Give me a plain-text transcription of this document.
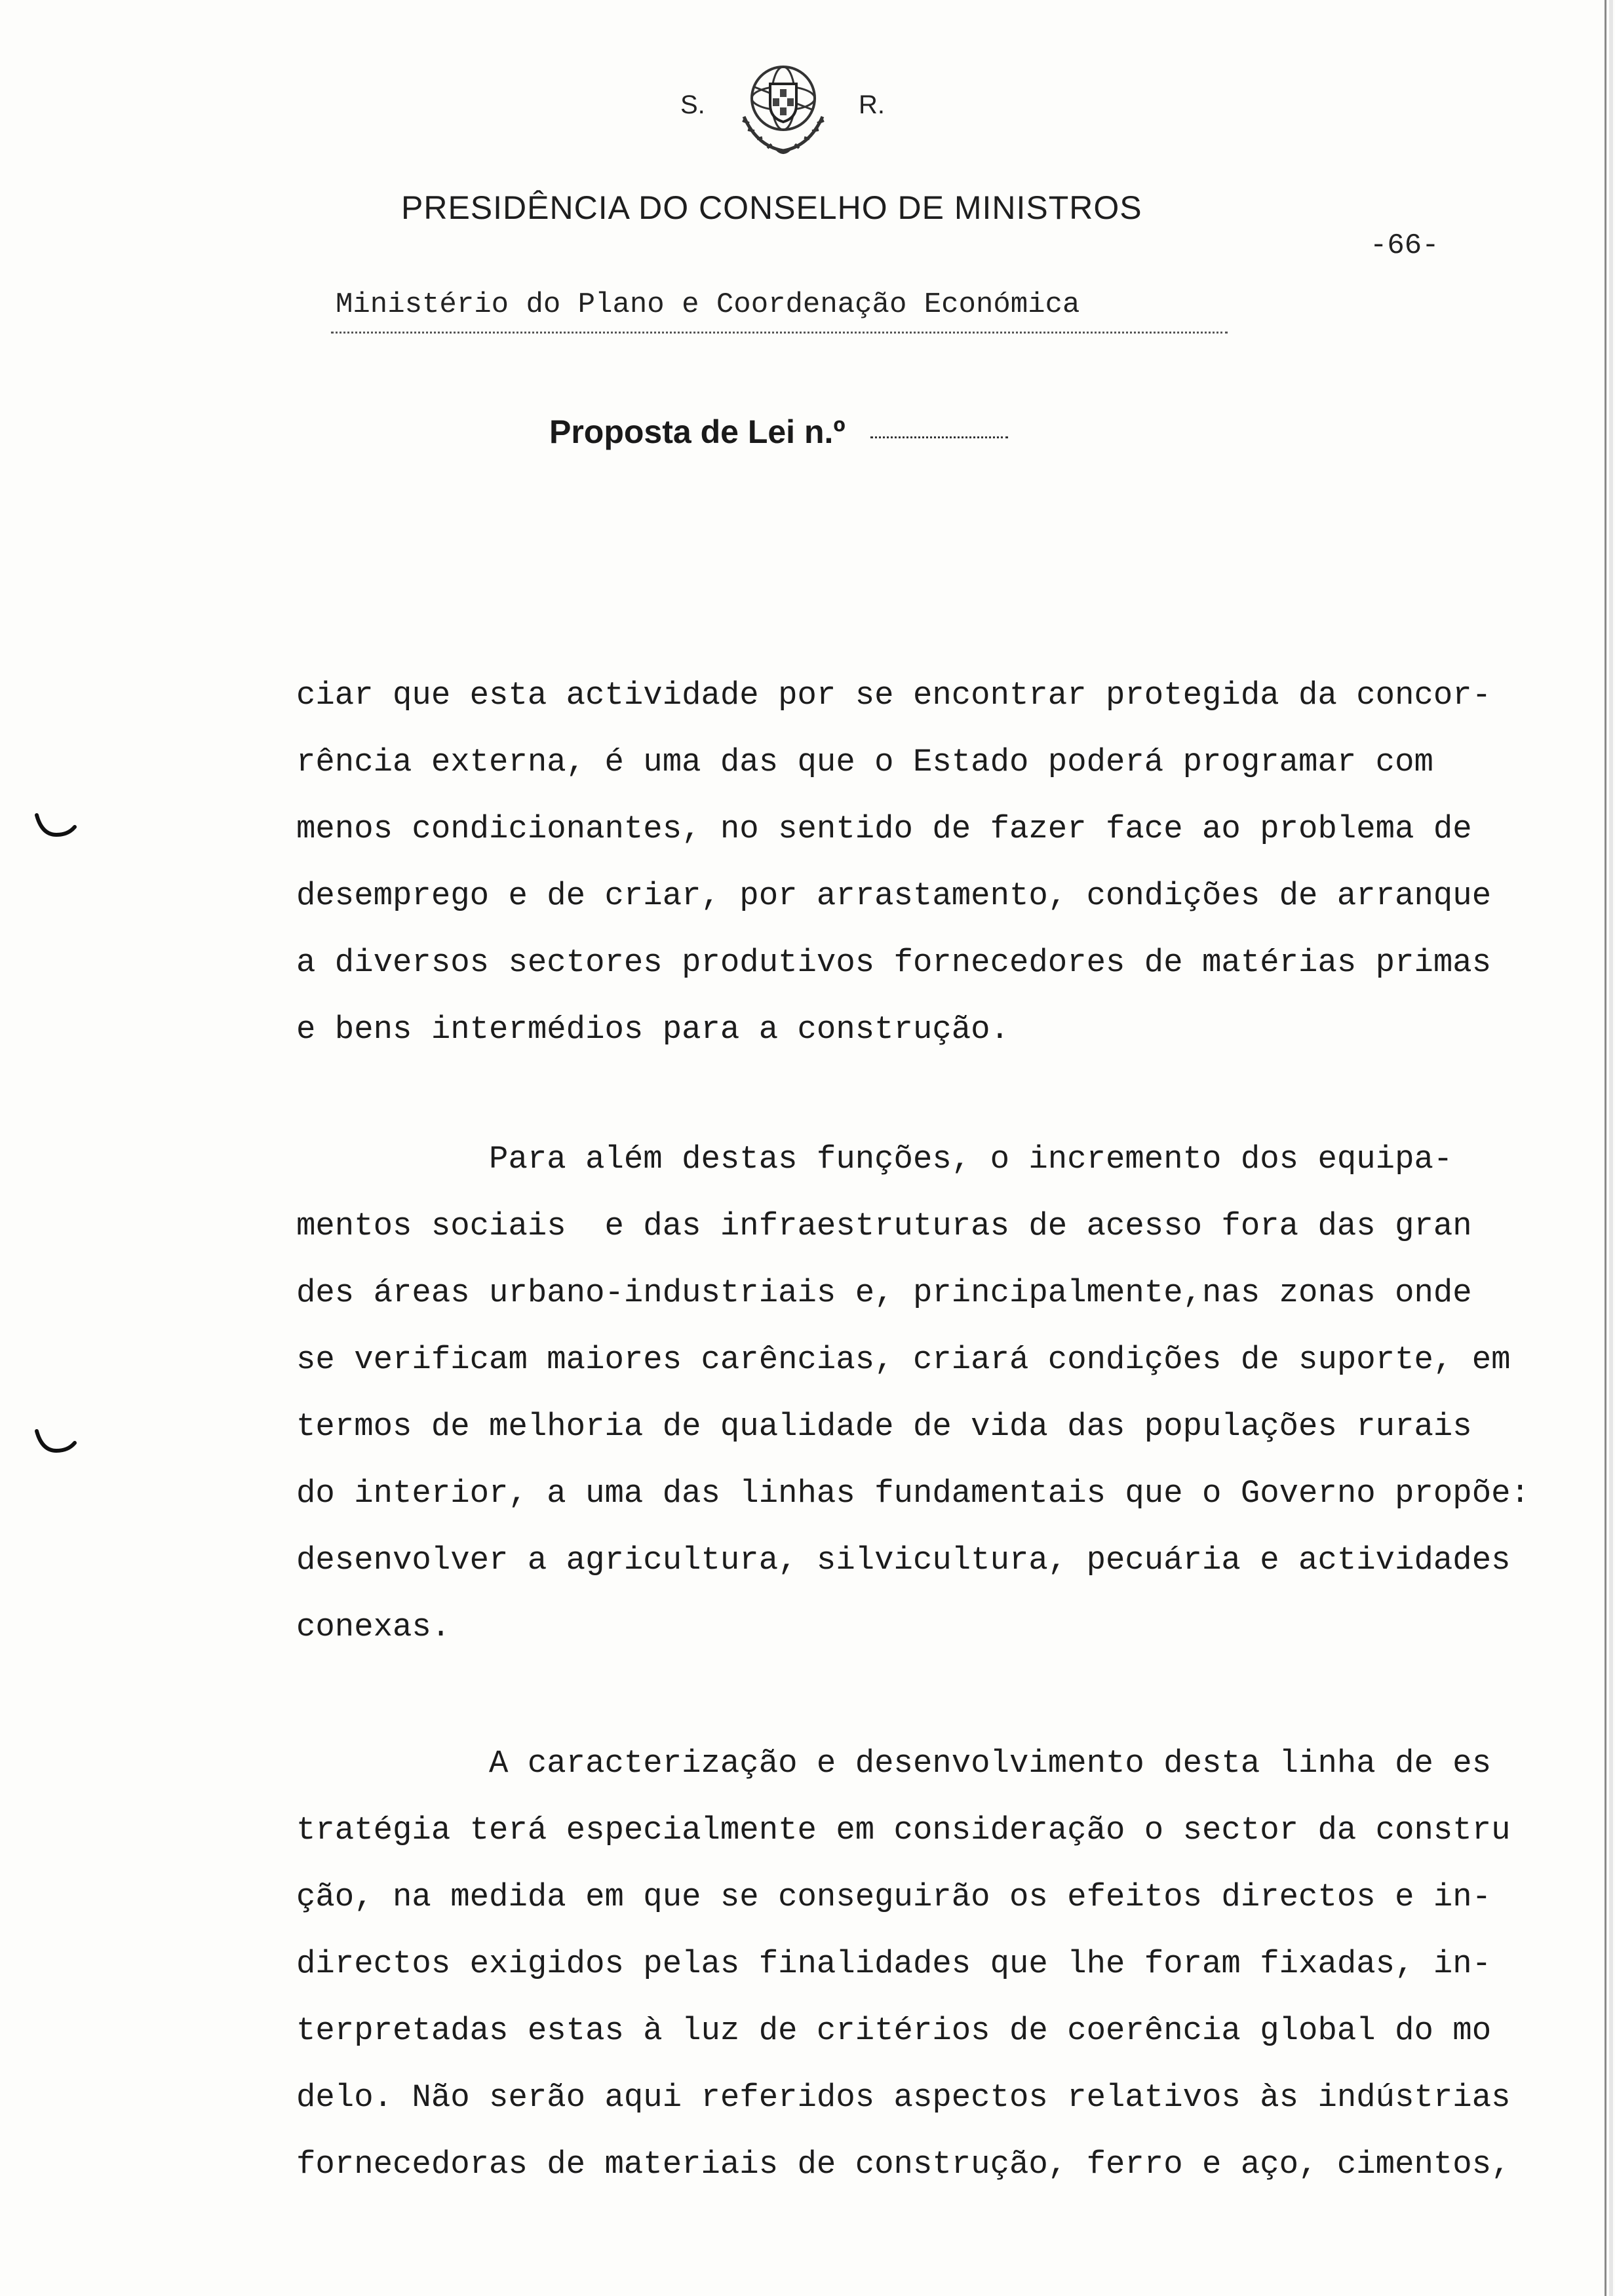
S.	R.
PRESIDÊNCIA DO CONSELHO DE MINISTROS
-66-
Ministério do Plano e Coordenação Económica
Proposta de Lei n.º
ciar que esta actividade por se encontrar protegida da concor-
rência externa, é uma das que o Estado poderá programar com
menos condicionantes, no sentido de fazer face ao problema de
desemprego e de criar, por arrastamento, condições de arranque
a diversos sectores produtivos fornecedores de matérias primas
e bens intermédios para a construção.
Para além destas funções, o incremento dos equipa-
mentos sociais  e das infraestruturas de acesso fora das gran
des áreas urbano-industriais e, principalmente,nas zonas onde
se verificam maiores carências, criará condições de suporte, em
termos de melhoria de qualidade de vida das populações rurais
do interior, a uma das linhas fundamentais que o Governo propõe:
desenvolver a agricultura, silvicultura, pecuária e actividades
conexas.
A caracterização e desenvolvimento desta linha de es
tratégia terá especialmente em consideração o sector da constru
ção, na medida em que se conseguirão os efeitos directos e in-
directos exigidos pelas finalidades que lhe foram fixadas, in-
terpretadas estas à luz de critérios de coerência global do mo
delo. Não serão aqui referidos aspectos relativos às indústrias
fornecedoras de materiais de construção, ferro e aço, cimentos,
